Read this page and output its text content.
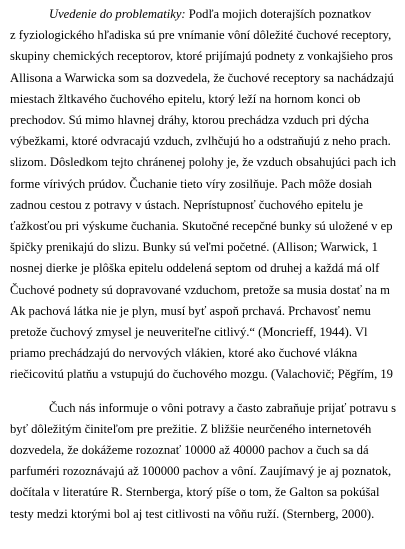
Uvedenie do problematiky: Podľa mojich doterajších poznatkov
z fyziologického hľadiska sú pre vnímanie vôní dôležité čuchové receptory,
skupiny chemických receptorov, ktoré prijímajú podnety z vonkajšieho pros
Allisona a Warwicka som sa dozvedela, že čuchové receptory sa nachádzajú
miestach žltkavého čuchového epitelu, ktorý leží na hornom konci ob
prechodov. Sú mimo hlavnej dráhy, ktorou prechádza vzduch pri dýcha
výbežkami, ktoré odvracajú vzduch, zvlhčujú ho a odstraňujú z neho prach.
slizom. Dôsledkom tejto chránenej polohy je, že vzduch obsahujúci pach ich
forme vírivých prúdov. Čuchanie tieto víry zosilňuje. Pach môže dosiah
zadnou cestou z potravy v ústach. Neprístupnosť čuchového epitelu je
ťažkosťou pri výskume čuchania. Skutočné recepčné bunky sú uložené v ep
špičky prenikajú do slizu. Bunky sú veľmi početné. (Allison; Warwick, 1
nosnej dierke je plôška epitelu oddelená septom od druhej a každá má olf
Čuchové podnety sú dopravované vzduchom, pretože sa musia dostať na m
Ak pachová látka nie je plyn, musí byť aspoň prchavá. Prchavosť nemu
pretože čuchový zmysel je neuveriteľne citlivý.“ (Moncrieff, 1944). Vl
priamo prechádzajú do nervových vlákien, ktoré ako čuchové vlákna
riečicovitú platňu a vstupujú do čuchového mozgu. (Valachovič; Pěgřím, 19
Čuch nás informuje o vôni potravy a často zabraňuje prijať potravu s
byť dôležitým činiteľom pre prežitie. Z bližšie neurčeného internetovéh
dozvedela, že dokážeme rozoznať 10000 až 40000 pachov a čuch sa dá
parfuméri rozoznávajú až 100000 pachov a vôní. Zaujímavý je aj poznatok,
dočítala v literatúre R. Sternberga, ktorý píše o tom, že Galton sa pokúšal
testy medzi ktorými bol aj test citlivosti na vôňu ruží. (Sternberg, 2000).
